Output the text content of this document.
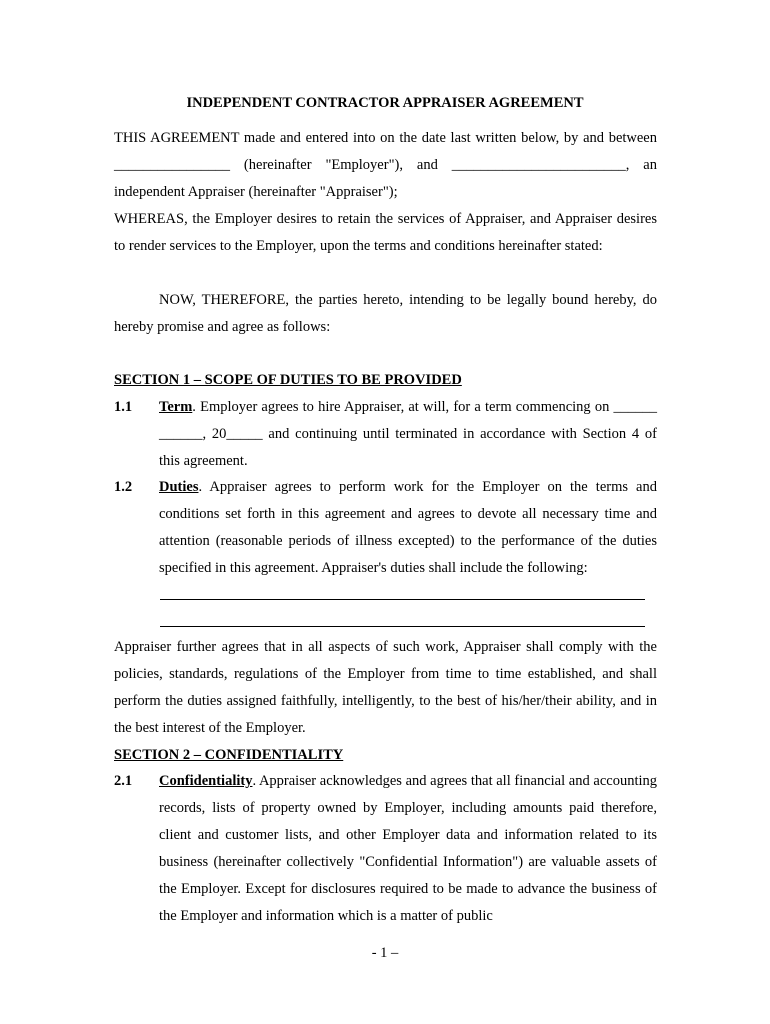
INDEPENDENT CONTRACTOR APPRAISER AGREEMENT

THIS AGREEMENT made and entered into on the date last written below, by and between ________________ (hereinafter "Employer"), and ________________________, an independent Appraiser (hereinafter "Appraiser");

WHEREAS, the Employer desires to retain the services of Appraiser, and Appraiser desires to render services to the Employer, upon the terms and conditions hereinafter stated:

NOW, THEREFORE, the parties hereto, intending to be legally bound hereby, do hereby promise and agree as follows:

SECTION 1 – SCOPE OF DUTIES TO BE PROVIDED
1.1 Term. Employer agrees to hire Appraiser, at will, for a term commencing on ______ ______, 20_____ and continuing until terminated in accordance with Section 4 of this agreement.

1.2 Duties. Appraiser agrees to perform work for the Employer on the terms and conditions set forth in this agreement and agrees to devote all necessary time and attention (reasonable periods of illness excepted) to the performance of the duties specified in this agreement. Appraiser's duties shall include the following:

Appraiser further agrees that in all aspects of such work, Appraiser shall comply with the policies, standards, regulations of the Employer from time to time established, and shall perform the duties assigned faithfully, intelligently, to the best of his/her/their ability, and in the best interest of the Employer.

SECTION 2 – CONFIDENTIALITY
2.1 Confidentiality. Appraiser acknowledges and agrees that all financial and accounting records, lists of property owned by Employer, including amounts paid therefore, client and customer lists, and other Employer data and information related to its business (hereinafter collectively "Confidential Information") are valuable assets of the Employer. Except for disclosures required to be made to advance the business of the Employer and information which is a matter of public

- 1 –
